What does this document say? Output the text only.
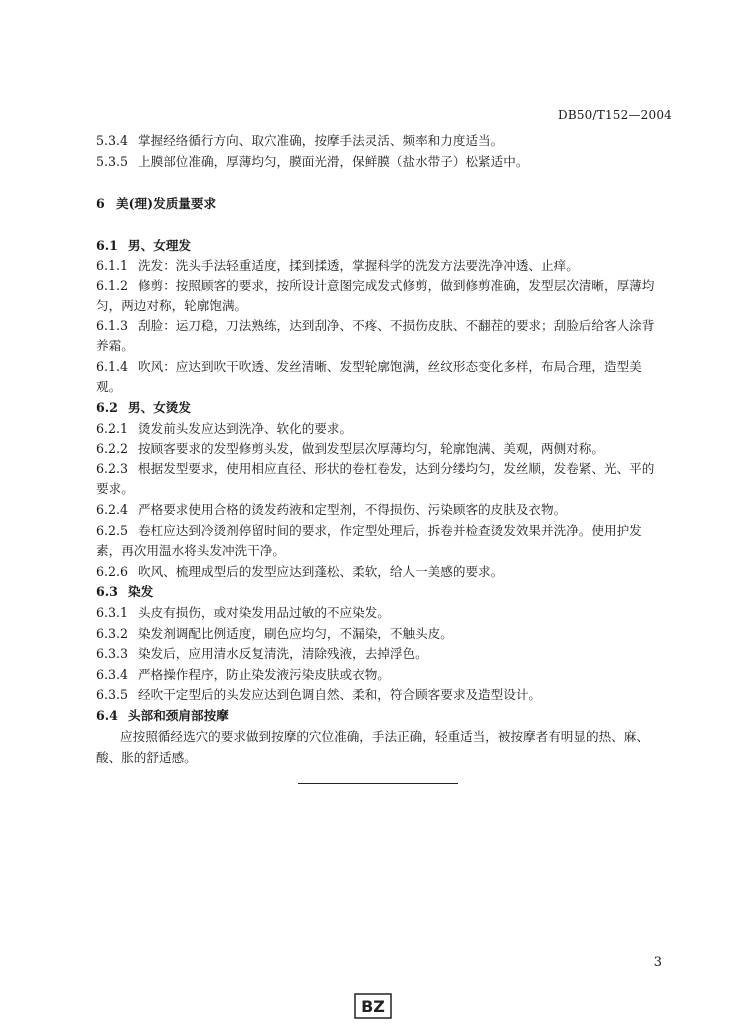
DB50/T152—2004
5.3.4 掌握经络循行方向、取穴准确，按摩手法灵活、频率和力度适当。
5.3.5 上膜部位准确，厚薄均匀，膜面光滑，保鲜膜（盐水带子）松紧适中。
6 美(理)发质量要求
6.1 男、女理发
6.1.1 洗发：洗头手法轻重适度，揉到揉透，掌握科学的洗发方法要洗净冲透、止痒。
6.1.2 修剪：按照顾客的要求，按所设计意图完成发式修剪，做到修剪准确，发型层次清晰，厚薄均
匀，两边对称，轮廓饱满。
6.1.3 刮脸：运刀稳，刀法熟练，达到刮净、不疼、不损伤皮肤、不翻茬的要求；刮脸后给客人涂背
养霜。
6.1.4 吹风：应达到吹干吹透、发丝清晰、发型轮廓饱满，丝纹形态变化多样，布局合理，造型美
观。
6.2 男、女烫发
6.2.1 烫发前头发应达到洗净、软化的要求。
6.2.2 按顾客要求的发型修剪头发，做到发型层次厚薄均匀，轮廓饱满、美观，两侧对称。
6.2.3 根据发型要求，使用相应直径、形状的卷杠卷发，达到分缕均匀，发丝顺，发卷紧、光、平的
要求。
6.2.4 严格要求使用合格的烫发药液和定型剂，不得损伤、污染顾客的皮肤及衣物。
6.2.5 卷杠应达到冷烫剂停留时间的要求，作定型处理后，拆卷并检查烫发效果并洗净。使用护发
素，再次用温水将头发冲洗干净。
6.2.6 吹风、梳理成型后的发型应达到蓬松、柔软，给人一美感的要求。
6.3 染发
6.3.1 头皮有损伤，或对染发用品过敏的不应染发。
6.3.2 染发剂调配比例适度，刷色应均匀，不漏染，不触头皮。
6.3.3 染发后，应用清水反复清洗，清除残液，去掉浮色。
6.3.4 严格操作程序，防止染发液污染皮肤或衣物。
6.3.5 经吹干定型后的头发应达到色调自然、柔和，符合顾客要求及造型设计。
6.4 头部和颈肩部按摩
应按照循经选穴的要求做到按摩的穴位准确，手法正确，轻重适当，被按摩者有明显的热、麻、
酸、胀的舒适感。
3
BZ
